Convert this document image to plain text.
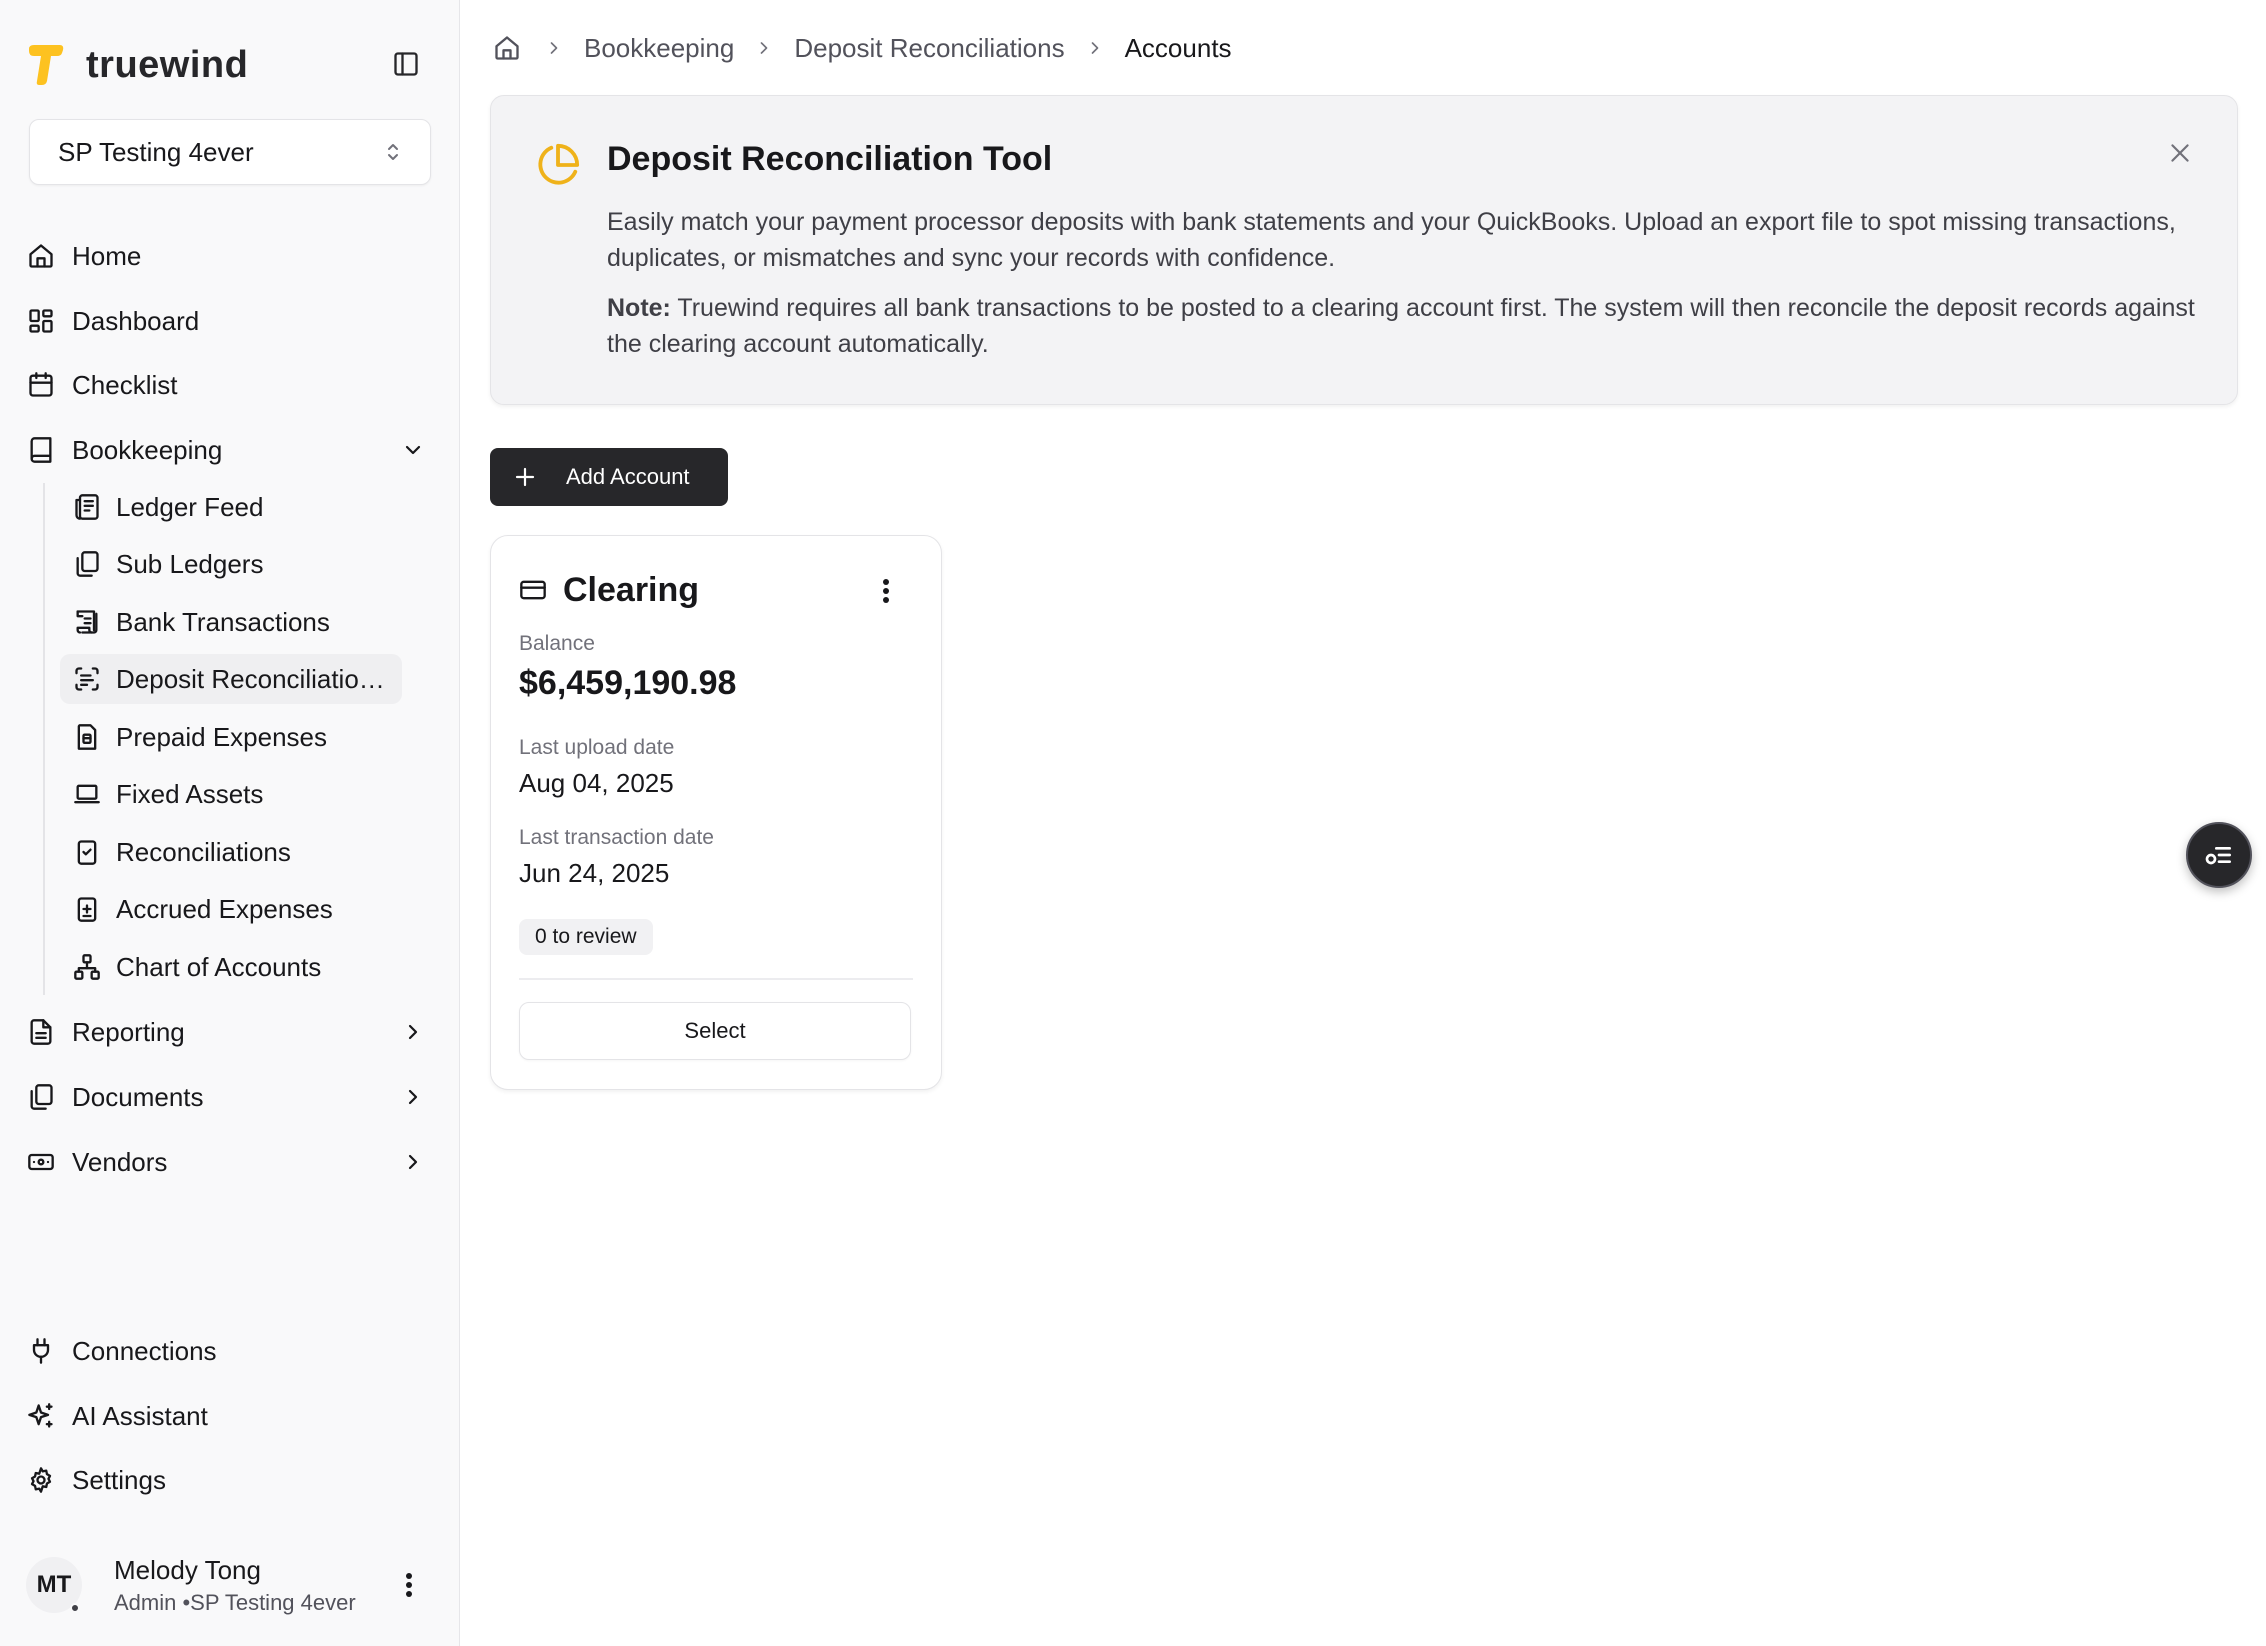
truewind
SP Testing 4ever
Home
Dashboard
Checklist
Bookkeeping
Ledger Feed
Sub Ledgers
Bank Transactions
Deposit Reconciliations
Prepaid Expenses
Fixed Assets
Reconciliations
Accrued Expenses
Chart of Accounts
Reporting
Documents
Vendors
Connections
AI Assistant
Settings
MT Melody Tong
Admin •SP Testing 4ever
Bookkeeping Deposit Reconciliations Accounts
Deposit Reconciliation Tool

Easily match your payment processor deposits with bank statements and your QuickBooks. Upload an export file to spot missing transactions, duplicates, or mismatches and sync your records with confidence.

Note: Truewind requires all bank transactions to be posted to a clearing account first. The system will then reconcile the deposit records against the clearing account automatically.

Add Account
Clearing
Balance
$6,459,190.98
Last upload date
Aug 04, 2025
Last transaction date
Jun 24, 2025
0 to review
Select
